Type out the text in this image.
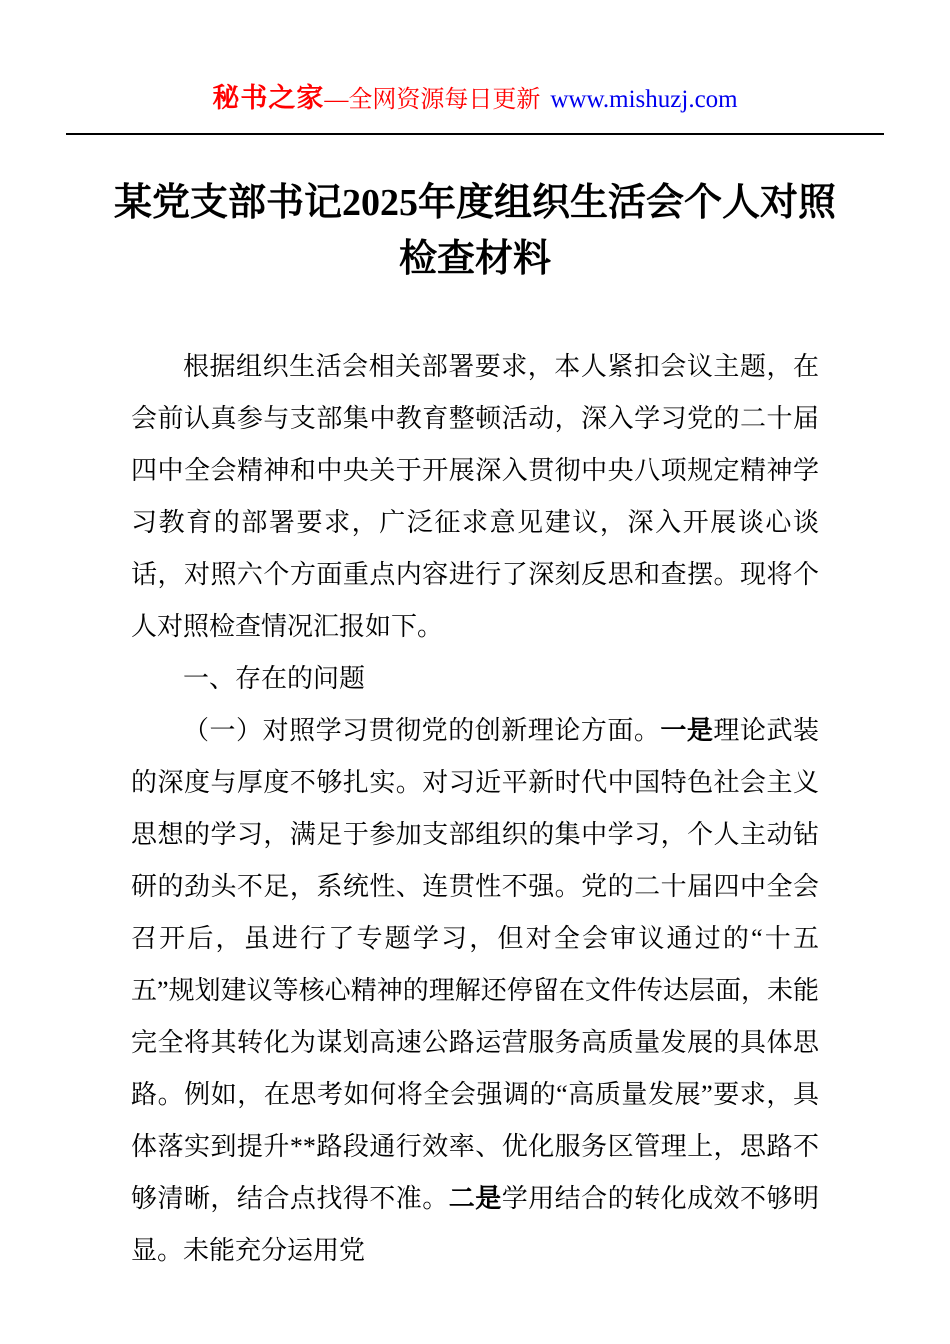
秘书之家—全网资源每日更新 www.mishuzj.com
某党支部书记2025年度组织生活会个人对照
检查材料

根据组织生活会相关部署要求，本人紧扣会议主题，在会前认真参与支部集中教育整顿活动，深入学习党的二十届四中全会精神和中央关于开展深入贯彻中央八项规定精神学习教育的部署要求，广泛征求意见建议，深入开展谈心谈话，对照六个方面重点内容进行了深刻反思和查摆。现将个人对照检查情况汇报如下。

一、存在的问题

（一）对照学习贯彻党的创新理论方面。一是理论武装的深度与厚度不够扎实。对习近平新时代中国特色社会主义思想的学习，满足于参加支部组织的集中学习，个人主动钻研的劲头不足，系统性、连贯性不强。党的二十届四中全会召开后，虽进行了专题学习，但对全会审议通过的“十五五”规划建议等核心精神的理解还停留在文件传达层面，未能完全将其转化为谋划高速公路运营服务高质量发展的具体思路。例如，在思考如何将全会强调的“高质量发展”要求，具体落实到提升**路段通行效率、优化服务区管理上，思路不够清晰，结合点找得不准。二是学用结合的转化成效不够明显。未能充分运用党
